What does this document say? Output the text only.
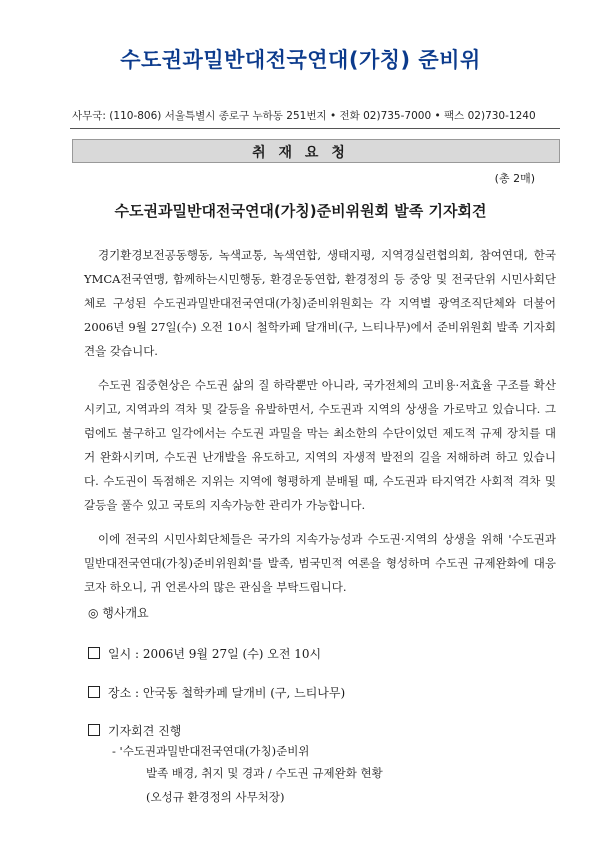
수도권과밀반대전국연대(가칭) 준비위
사무국: (110-806) 서울특별시 종로구 누하동 251번지 • 전화 02)735-7000 • 팩스 02)730-1240
취 재 요 청
(총 2매)
수도권과밀반대전국연대(가칭)준비위원회 발족 기자회견
경기환경보전공동행동, 녹색교통, 녹색연합, 생태지평, 지역경실련협의회, 참여연대, 한국YMCA전국연맹, 함께하는시민행동, 환경운동연합, 환경정의 등 중앙 및 전국단위 시민사회단체로 구성된 수도권과밀반대전국연대(가칭)준비위원회는 각 지역별 광역조직단체와 더불어 2006년 9월 27일(수) 오전 10시 철학카페 달개비(구, 느티나무)에서 준비위원회 발족 기자회견을 갖습니다.
수도권 집중현상은 수도권 삶의 질 하락뿐만 아니라, 국가전체의 고비용·저효율 구조를 확산시키고, 지역과의 격차 및 갈등을 유발하면서, 수도권과 지역의 상생을 가로막고 있습니다. 그럼에도 불구하고 일각에서는 수도권 과밀을 막는 최소한의 수단이었던 제도적 규제 장치를 대거 완화시키며, 수도권 난개발을 유도하고, 지역의 자생적 발전의 길을 저해하려 하고 있습니다. 수도권이 독점해온 지위는 지역에 형평하게 분배될 때, 수도권과 타지역간 사회적 격차 및 갈등을 풀수 있고 국토의 지속가능한 관리가 가능합니다.
이에 전국의 시민사회단체들은 국가의 지속가능성과 수도권·지역의 상생을 위해 '수도권과밀반대전국연대(가칭)준비위원회'를 발족, 범국민적 여론을 형성하며 수도권 규제완화에 대응코자 하오니, 귀 언론사의 많은 관심을 부탁드립니다.
◎ 행사개요
일시 : 2006년 9월 27일 (수) 오전 10시
장소 : 안국동 철학카페 달개비 (구, 느티나무)
기자회견 진행
- '수도권과밀반대전국연대(가칭)준비위
발족 배경, 취지 및 경과 / 수도권 규제완화 현황
(오성규 환경정의 사무처장)
